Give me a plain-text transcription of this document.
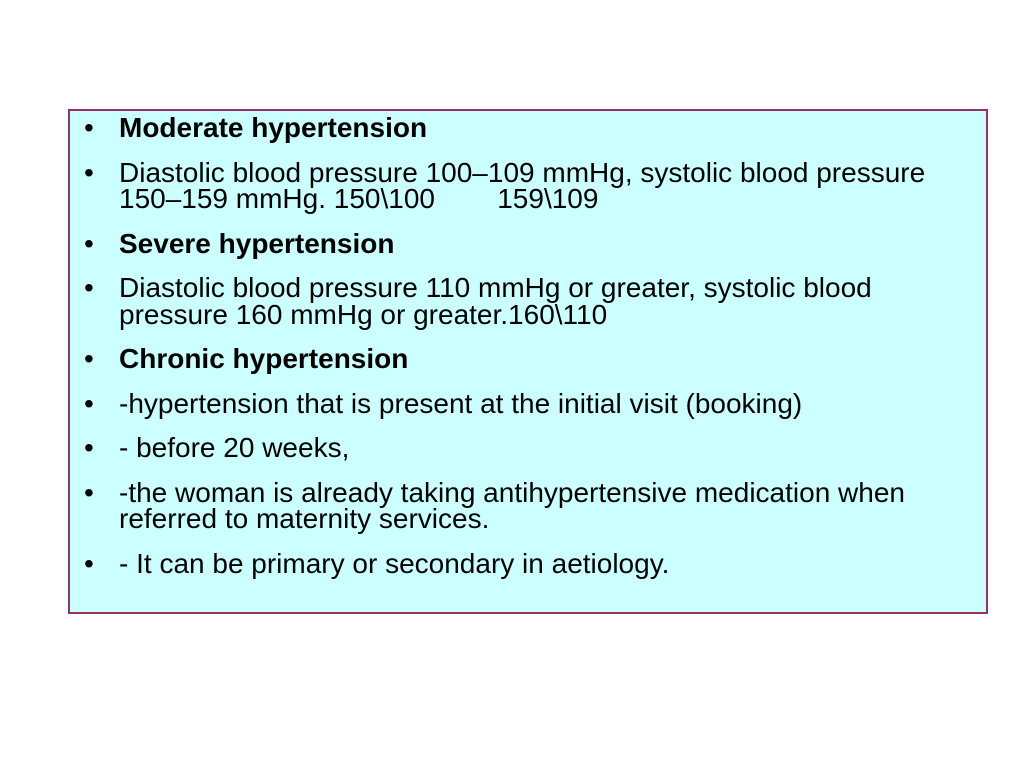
• Moderate hypertension
• Diastolic blood pressure 100–109 mmHg, systolic blood pressure 150–159 mmHg. 150\100 159\109
• Severe hypertension
• Diastolic blood pressure 110 mmHg or greater, systolic blood pressure 160 mmHg or greater.160\110
• Chronic hypertension
• -hypertension that is present at the initial visit (booking)
• - before 20 weeks,
• -the woman is already taking antihypertensive medication when referred to maternity services.
• - It can be primary or secondary in aetiology.
